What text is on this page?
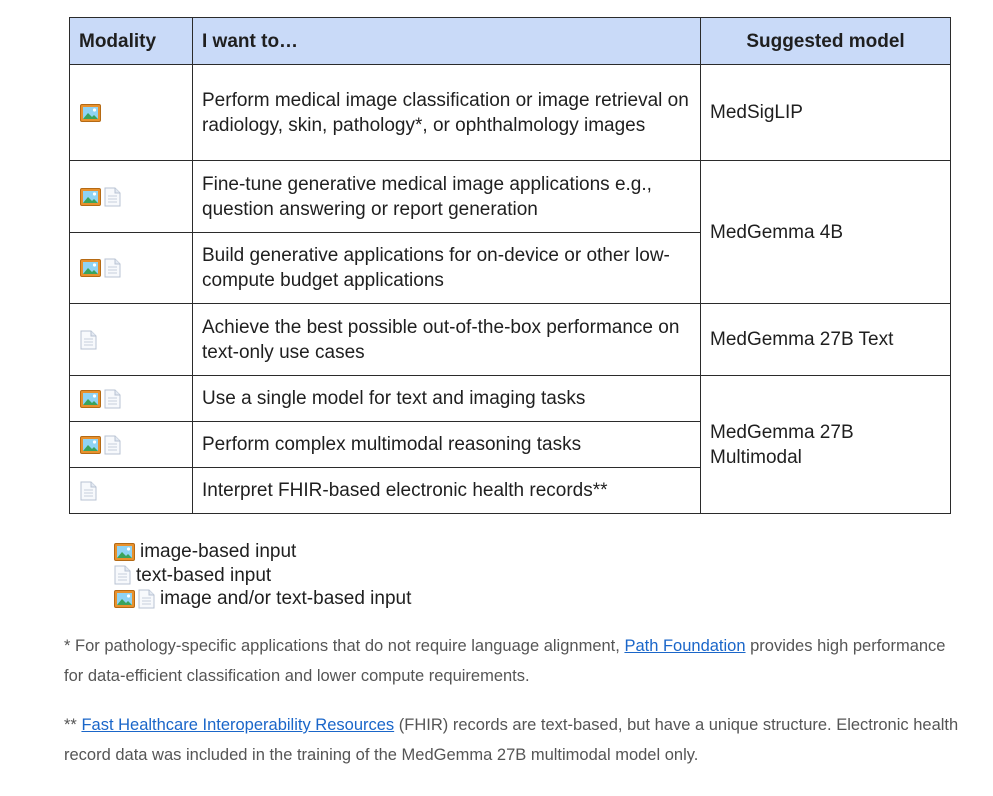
Modality	I want to…	Suggested model

	Perform medical image classification or image retrieval on radiology, skin, pathology*, or ophthalmology images	MedSigLIP

	Fine-tune generative medical image applications e.g., question answering or report generation	MedGemma 4B

	Build generative applications for on-device or other low-compute budget applications	

	Achieve the best possible out-of-the-box performance on text-only use cases	MedGemma 27B Text

	Use a single model for text and imaging tasks	MedGemma 27B Multimodal

	Perform complex multimodal reasoning tasks	

	Interpret FHIR-based electronic health records**	
image-based input
text-based input
image and/or text-based input

* For pathology-specific applications that do not require language alignment, Path Foundation provides high performance for data-efficient classification and lower compute requirements.

** Fast Healthcare Interoperability Resources (FHIR) records are text-based, but have a unique structure. Electronic health record data was included in the training of the MedGemma 27B multimodal model only.
